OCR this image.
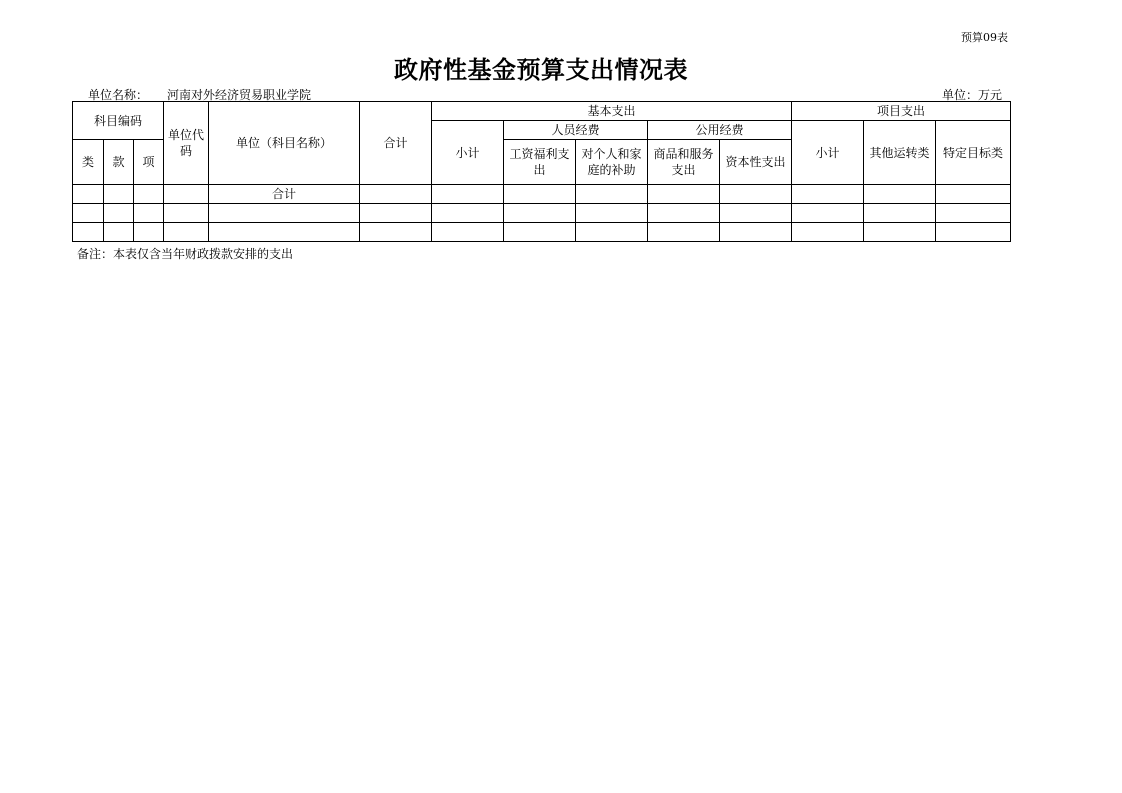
预算09表
政府性基金预算支出情况表
单位名称： 河南对外经济贸易职业学院	单位：万元
科目编码			单位代码	单位（科目名称）	合计	基本支出					项目支出		
						小计	人员经费		公用经费		小计	其他运转类	特定目标类
类	款	项					工资福利支出	对个人和家庭的补助	商品和服务支出	资本性支出			

				合计									

备注：本表仅含当年财政拨款安排的支出
